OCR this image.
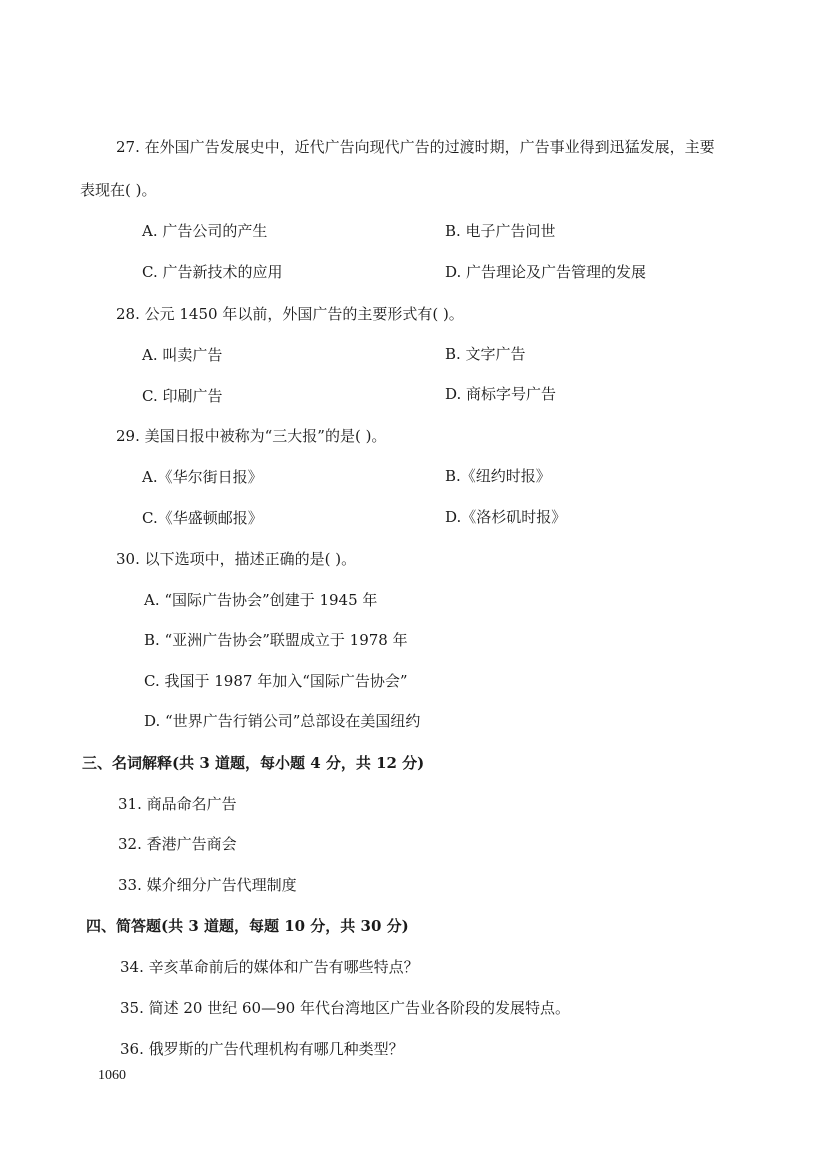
27. 在外国广告发展史中，近代广告向现代广告的过渡时期，广告事业得到迅猛发展，主要
表现在( )。
A. 广告公司的产生	B. 电子广告问世
C. 广告新技术的应用	D. 广告理论及广告管理的发展
28. 公元 1450 年以前，外国广告的主要形式有( )。
A. 叫卖广告	B. 文字广告
C. 印刷广告	D. 商标字号广告
29. 美国日报中被称为“三大报”的是( )。
A.《华尔街日报》	B.《纽约时报》
C.《华盛顿邮报》	D.《洛杉矶时报》
30. 以下选项中，描述正确的是( )。
A. “国际广告协会”创建于 1945 年
B. “亚洲广告协会”联盟成立于 1978 年
C. 我国于 1987 年加入“国际广告协会”
D. “世界广告行销公司”总部设在美国纽约
三、名词解释(共 3 道题，每小题 4 分，共 12 分)
31. 商品命名广告
32. 香港广告商会
33. 媒介细分广告代理制度
四、简答题(共 3 道题，每题 10 分，共 30 分)
34. 辛亥革命前后的媒体和广告有哪些特点？
35. 简述 20 世纪 60—90 年代台湾地区广告业各阶段的发展特点。
36. 俄罗斯的广告代理机构有哪几种类型？
1060
